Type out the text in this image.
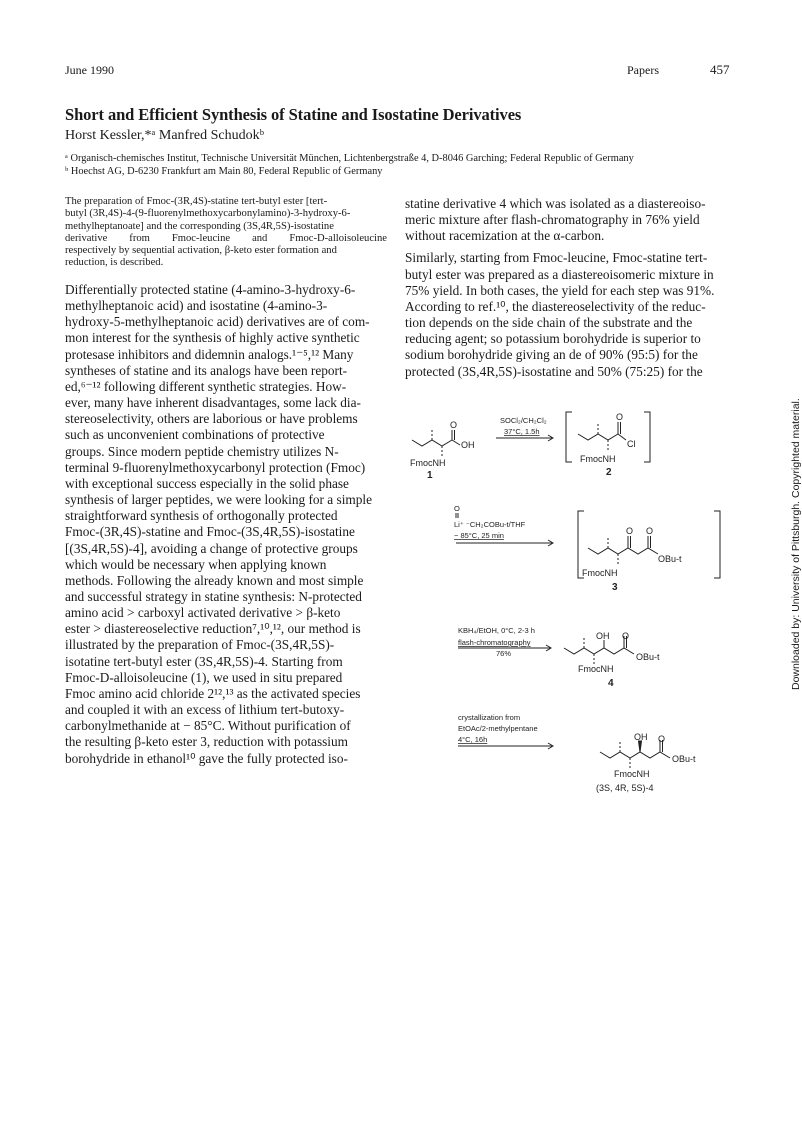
June 1990	Papers	457
Short and Efficient Synthesis of Statine and Isostatine Derivatives
Horst Kessler,*ᵃ Manfred Schudokᵇ
ᵃ Organisch-chemisches Institut, Technische Universität München, Lichtenbergstraße 4, D-8046 Garching; Federal Republic of Germany
ᵇ Hoechst AG, D-6230 Frankfurt am Main 80, Federal Republic of Germany
The preparation of Fmoc-(3R,4S)-statine tert-butyl ester [tert-
butyl (3R,4S)-4-(9-fluorenylmethoxycarbonylamino)-3-hydroxy-6-
methylheptanoate] and the corresponding (3S,4R,5S)-isostatine
derivative from Fmoc-leucine and Fmoc-D-alloisoleucine
respectively by sequential activation, β-keto ester formation and
reduction, is described.
Differentially protected statine (4-amino-3-hydroxy-6-
methylheptanoic acid) and isostatine (4-amino-3-
hydroxy-5-methylheptanoic acid) derivatives are of com-
mon interest for the synthesis of highly active synthetic
protesase inhibitors and didemnin analogs.¹⁻⁵,¹² Many
syntheses of statine and its analogs have been report-
ed,⁶⁻¹² following different synthetic strategies. How-
ever, many have inherent disadvantages, some lack dia-
stereoselectivity, others are laborious or have problems
such as unconvenient combinations of protective
groups. Since modern peptide chemistry utilizes N-
terminal 9-fluorenylmethoxycarbonyl protection (Fmoc)
with exceptional success especially in the solid phase
synthesis of larger peptides, we were looking for a simple
straightforward synthesis of orthogonally protected
Fmoc-(3R,4S)-statine and Fmoc-(3S,4R,5S)-isostatine
[(3S,4R,5S)-4], avoiding a change of protective groups
which would be necessary when applying known
methods. Following the already known and most simple
and successful strategy in statine synthesis: N-protected
amino acid > carboxyl activated derivative > β-keto
ester > diastereoselective reduction⁷,¹⁰,¹², our method is
illustrated by the preparation of Fmoc-(3S,4R,5S)-
isotatine tert-butyl ester (3S,4R,5S)-4. Starting from
Fmoc-D-alloisoleucine (1), we used in situ prepared
Fmoc amino acid chloride 2¹²,¹³ as the activated species
and coupled it with an excess of lithium tert-butoxy-
carbonylmethanide at − 85°C. Without purification of
the resulting β-keto ester 3, reduction with potassium
borohydride in ethanol¹⁰ gave the fully protected iso-
statine derivative 4 which was isolated as a diastereoiso-
meric mixture after flash-chromatography in 76% yield
without racemization at the α-carbon.
Similarly, starting from Fmoc-leucine, Fmoc-statine tert-
butyl ester was prepared as a diastereoisomeric mixture in
75% yield. In both cases, the yield for each step was 91%.
According to ref.¹⁰, the diastereoselectivity of the reduc-
tion depends on the side chain of the substrate and the
reducing agent; so potassium borohydride is superior to
sodium borohydride giving an de of 90% (95:5) for the
protected (3S,4R,5S)-isostatine and 50% (75:25) for the
O
OH
FmocNH
1
SOCl₂/CH₂Cl₂
37°C, 1.5h
O
Cl
FmocNH
2
O
Li⁺ ⁻CH₂COBu-t/THF
− 85°C, 25 min	O O
OBu-t
FmocNH
3
KBH₄/EtOH, 0°C, 2-3 h
flash-chromatography
76%
OH O
OBu-t
FmocNH
4
crystallization from
EtOAc/2-methylpentane
4°C, 16h	OH O
OBu-t
FmocNH
(3S, 4R, 5S)-4
Downloaded by: University of Pittsburgh. Copyrighted material.
